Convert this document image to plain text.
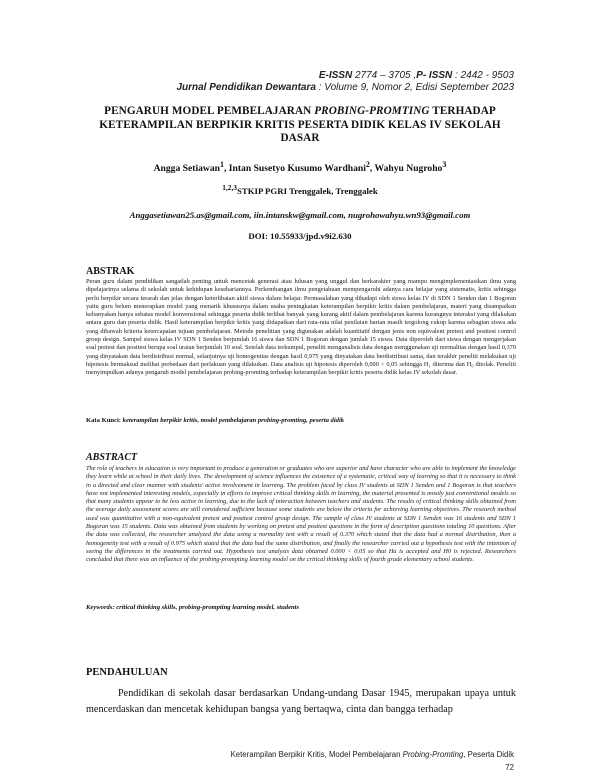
E-ISSN 2774 – 3705 ,P- ISSN : 2442 - 9503
Jurnal Pendidikan Dewantara : Volume 9, Nomor 2, Edisi September 2023
PENGARUH MODEL PEMBELAJARAN PROBING-PROMTING TERHADAP KETERAMPILAN BERPIKIR KRITIS PESERTA DIDIK KELAS IV SEKOLAH DASAR
Angga Setiawan$^1$, Intan Susetyo Kusumo Wardhani$^2$, Wahyu Nugroho$^3$
$^{1,2,3}$STKIP PGRI Trenggalek, Trenggalek
Anggasetiawan25.as@gmail.com, iin.intanskw@gmail.com, nugrohowahyu.wn93@gmail.com
DOI: 10.55933/jpd.v9i2.630
ABSTRAK
Peran guru dalam pendidikan sangatlah penting untuk mencetak generasi atau lulusan yang unggul dan berkarakter yang mampu mengimplementasikan ilmu yang dipelajarinya selama di sekolah untuk kehidupan kesehariannya. Perkembangan ilmu pengetahuan mempengaruhi adanya cara belajar yang sistematis, kritis sehingga perlu berpikir secara terarah dan jelas dengan keterlibatan aktif siswa dalam belajar. Permasalahan yang dihadapi oleh siswa kelas IV di SDN 1 Senden dan 1 Bogoran yaitu guru belum menerapkan model yang menarik khususnya dalam usaha peningkatan keterampilan berpikir kritis dalam pembelajaran, materi yang disampaikan kebanyakan hanya sebatas model konvensional sehingga peserta didik terlihat banyak yang kurang aktif dalam pembelajaran karena kurangnya interaksi yang dilakukan antara guru dan peserta didik. Hasil keterampilan berpikir kritis yang didapatkan dari rata-rata nilai penilaian harian masih tergolong cukup karena sebagian siswa ada yang dibawah kriteria ketercapaian tujuan pembelajaran. Metode penelitian yang digunakan adalah kuantitatif dengan jenis non equivalent pretest and posttest control group design. Sampel siswa kelas IV SDN 1 Senden berjumlah 16 siswa dan SDN 1 Bogoran dengan jumlah 15 siswa. Data diperoleh dari siswa dengan mengerjakan soal pretest dan posttest berupa soal uraian berjumlah 10 soal. Setelah data terkumpul, peneliti menganalisis data dengan menggunakan uji normalitas dengan hasil 0,370 yang dinyatakan data berdistribusi normal, selanjutnya uji homogenitas dengan hasil 0,975 yang dinyatakan data berdistribusi sama, dan terakhir peneliti melakukan uji hipotesis bermaksud melihat perbedaan dari perlakuan yang dilakukan. Data analisis uji hipotesis diperoleh 0,000 < 0,05 sehingga H₁ diterima dan H₀ ditolak. Peneliti menyimpulkan adanya pengaruh model pembelajaran probing-promting terhadap keterampilan berpikir kritis peserta didik kelas IV sekolah dasar.
Kata Kunci: keterampilan berpikir kritis, model pembelajaran probing-promting, peserta didik
ABSTRACT
The role of teachers in education is very important to produce a generation or graduates who are superior and have character who are able to implement the knowledge they learn while at school in their daily lives. The development of science influences the existence of a systematic, critical way of learning so that it is necessary to think in a directed and clear manner with students' active involvement in learning. The problem faced by class IV students at SDN 1 Senden and 1 Bogoran is that teachers have not implemented interesting models, especially in efforts to improve critical thinking skills in learning, the material presented is mostly just conventional models so that many students appear to be less active in learning, due to the lack of interaction between teachers and students. The results of critical thinking skills obtained from the average daily assessment scores are still considered sufficient because some students are below the criteria for achieving learning objectives. The research method used was quantitative with a non-equivalent pretest and posttest control group design. The sample of class IV students at SDN 1 Senden was 16 students and SDN 1 Bogoran was 15 students. Data was obtained from students by working on pretest and posttest questions in the form of description questions totaling 10 questions. After the data was collected, the researcher analyzed the data using a normality test with a result of 0.370 which stated that the data had a normal distribution, then a homogeneity test with a result of 0.975 which stated that the data had the same distribution, and finally the researcher carried out a hypothesis test with the intention of seeing the differences in the treatments carried out. Hypothesis test analysis data obtained 0.000 < 0.05 so that Ha is accepted and H0 is rejected. Researchers concluded that there was an influence of the probing-prompting learning model on the critical thinking skills of fourth grade elementary school students.
Keywords: critical thinking skills, probing-prompting learning model, students
PENDAHULUAN
Pendidikan di sekolah dasar berdasarkan Undang-undang Dasar 1945, merupakan upaya untuk mencerdaskan dan mencetak kehidupan bangsa yang bertaqwa, cinta dan bangga terhadap
Keterampilan Berpikir Kritis, Model Pembelajaran Probing-Promting, Peserta Didik
72
